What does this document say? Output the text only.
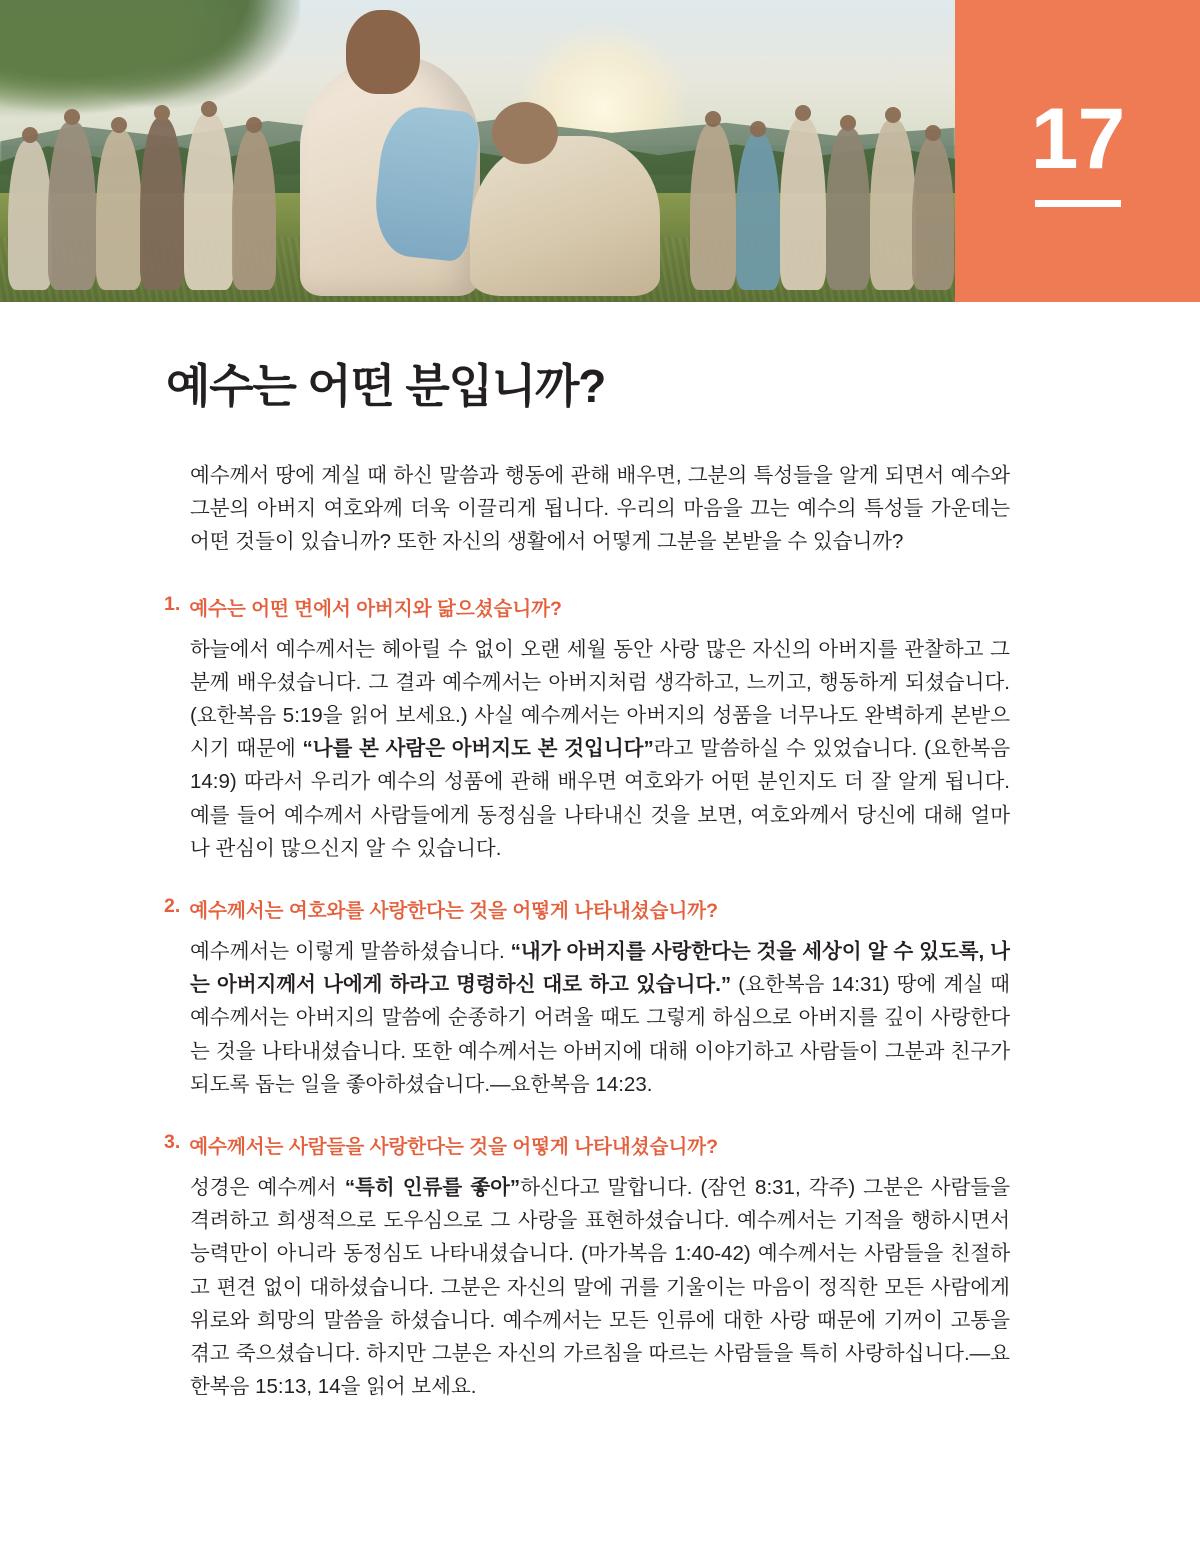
17
예수는 어떤 분입니까?

예수께서 땅에 계실 때 하신 말씀과 행동에 관해 배우면, 그분의 특성들을 알게 되면서 예수와 그분의 아버지 여호와께 더욱 이끌리게 됩니다. 우리의 마음을 끄는 예수의 특성들 가운데는 어떤 것들이 있습니까? 또한 자신의 생활에서 어떻게 그분을 본받을 수 있습니까?

1. 예수는 어떤 면에서 아버지와 닮으셨습니까?

하늘에서 예수께서는 헤아릴 수 없이 오랜 세월 동안 사랑 많은 자신의 아버지를 관찰하고 그분께 배우셨습니다. 그 결과 예수께서는 아버지처럼 생각하고, 느끼고, 행동하게 되셨습니다. (요한복음 5:19을 읽어 보세요.) 사실 예수께서는 아버지의 성품을 너무나도 완벽하게 본받으시기 때문에 “나를 본 사람은 아버지도 본 것입니다”라고 말씀하실 수 있었습니다. (요한복음 14:9) 따라서 우리가 예수의 성품에 관해 배우면 여호와가 어떤 분인지도 더 잘 알게 됩니다. 예를 들어 예수께서 사람들에게 동정심을 나타내신 것을 보면, 여호와께서 당신에 대해 얼마나 관심이 많으신지 알 수 있습니다.

2. 예수께서는 여호와를 사랑한다는 것을 어떻게 나타내셨습니까?

예수께서는 이렇게 말씀하셨습니다. “내가 아버지를 사랑한다는 것을 세상이 알 수 있도록, 나는 아버지께서 나에게 하라고 명령하신 대로 하고 있습니다.” (요한복음 14:31) 땅에 계실 때 예수께서는 아버지의 말씀에 순종하기 어려울 때도 그렇게 하심으로 아버지를 깊이 사랑한다는 것을 나타내셨습니다. 또한 예수께서는 아버지에 대해 이야기하고 사람들이 그분과 친구가 되도록 돕는 일을 좋아하셨습니다.—요한복음 14:23.

3. 예수께서는 사람들을 사랑한다는 것을 어떻게 나타내셨습니까?

성경은 예수께서 “특히 인류를 좋아”하신다고 말합니다. (잠언 8:31, 각주) 그분은 사람들을 격려하고 희생적으로 도우심으로 그 사랑을 표현하셨습니다. 예수께서는 기적을 행하시면서 능력만이 아니라 동정심도 나타내셨습니다. (마가복음 1:40-42) 예수께서는 사람들을 친절하고 편견 없이 대하셨습니다. 그분은 자신의 말에 귀를 기울이는 마음이 정직한 모든 사람에게 위로와 희망의 말씀을 하셨습니다. 예수께서는 모든 인류에 대한 사랑 때문에 기꺼이 고통을 겪고 죽으셨습니다. 하지만 그분은 자신의 가르침을 따르는 사람들을 특히 사랑하십니다.—요한복음 15:13, 14을 읽어 보세요.
